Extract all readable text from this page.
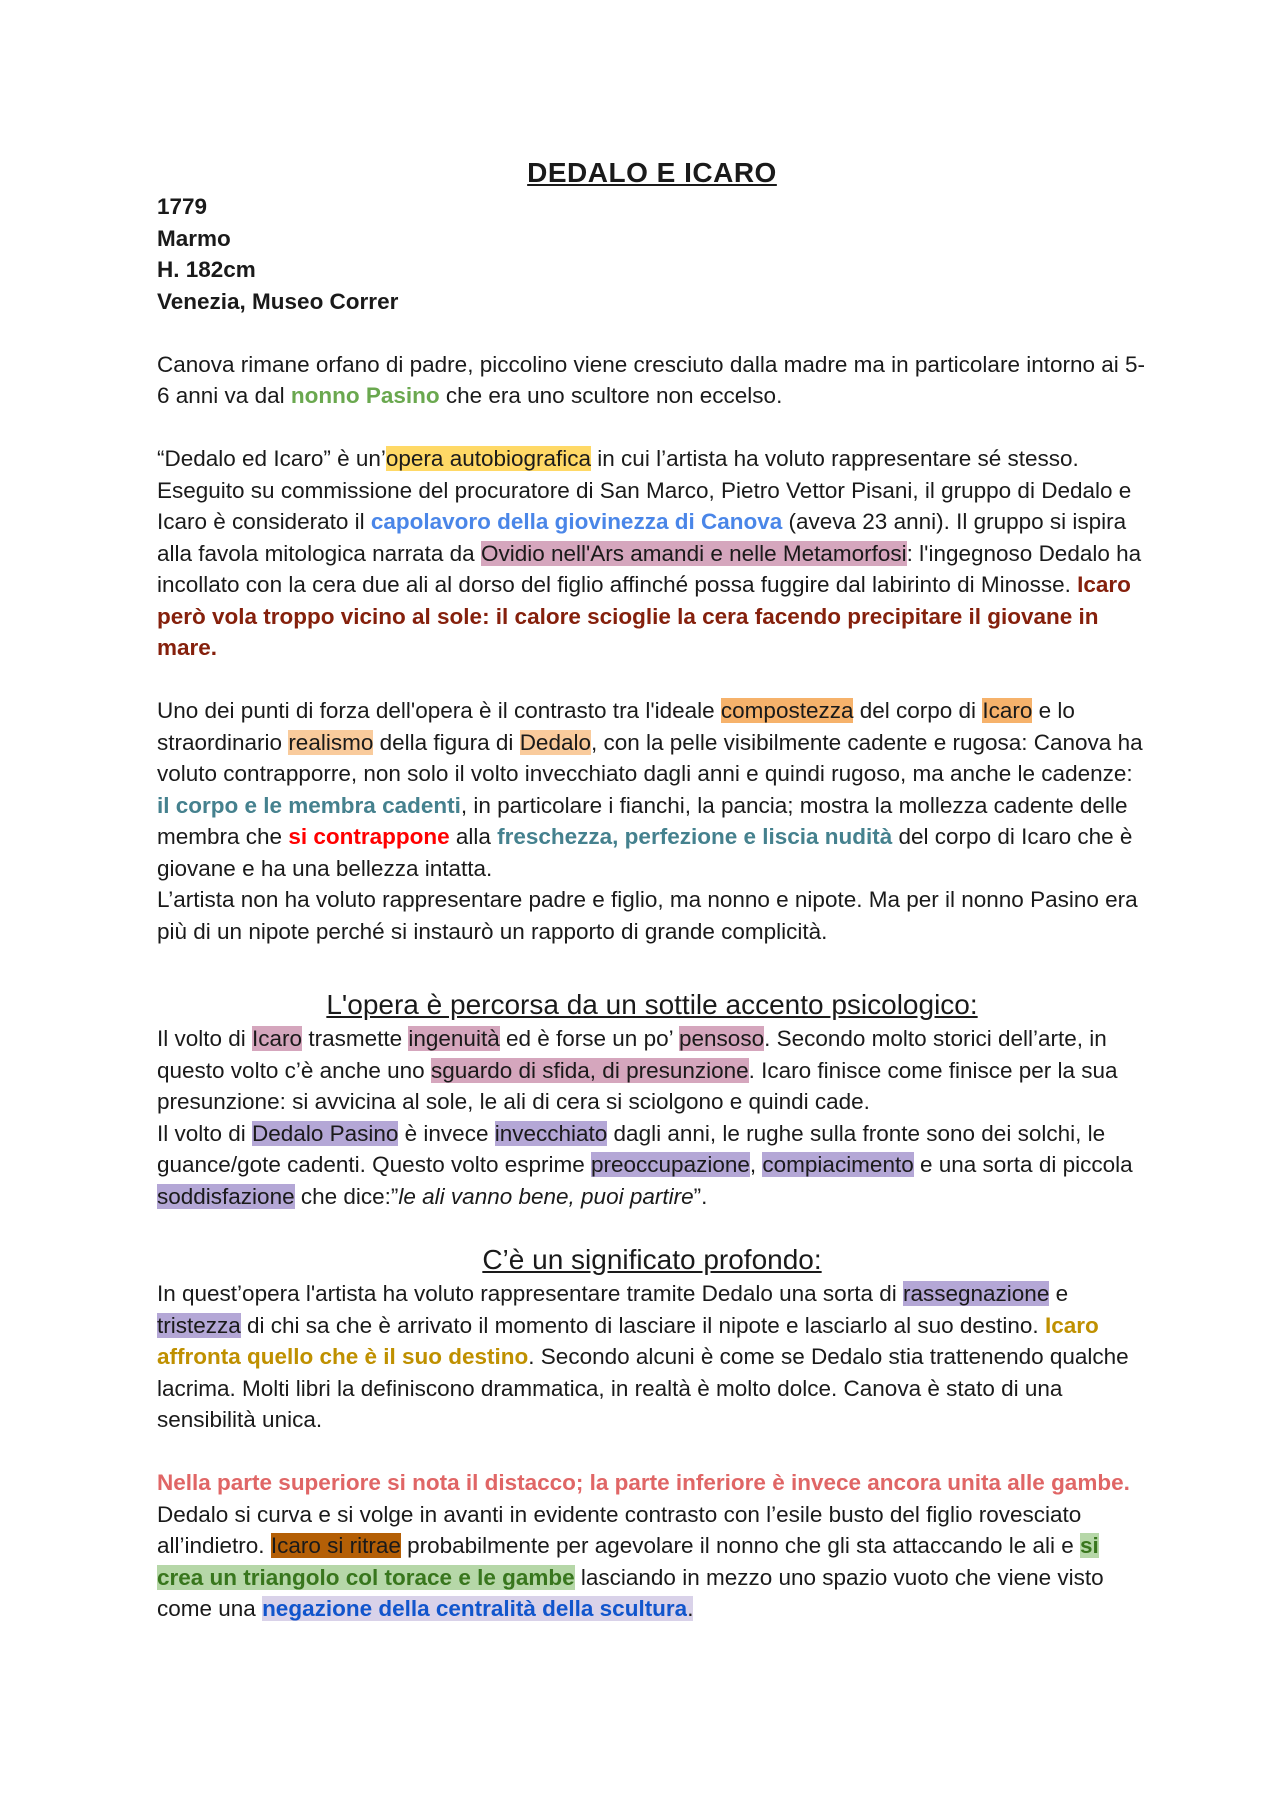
DEDALO E ICARO
1779
Marmo
H. 182cm
Venezia, Museo Correr

Canova rimane orfano di padre, piccolino viene cresciuto dalla madre ma in particolare intorno ai 5-6 anni va dal nonno Pasino che era uno scultore non eccelso.

“Dedalo ed Icaro” è un’opera autobiografica in cui l’artista ha voluto rappresentare sé stesso. Eseguito su commissione del procuratore di San Marco, Pietro Vettor Pisani, il gruppo di Dedalo e Icaro è considerato il capolavoro della giovinezza di Canova (aveva 23 anni). Il gruppo si ispira alla favola mitologica narrata da Ovidio nell'Ars amandi e nelle Metamorfosi: l'ingegnoso Dedalo ha incollato con la cera due ali al dorso del figlio affinché possa fuggire dal labirinto di Minosse. Icaro però vola troppo vicino al sole: il calore scioglie la cera facendo precipitare il giovane in mare.

Uno dei punti di forza dell'opera è il contrasto tra l'ideale compostezza del corpo di Icaro e lo straordinario realismo della figura di Dedalo, con la pelle visibilmente cadente e rugosa: Canova ha voluto contrapporre, non solo il volto invecchiato dagli anni e quindi rugoso, ma anche le cadenze: il corpo e le membra cadenti, in particolare i fianchi, la pancia; mostra la mollezza cadente delle membra che si contrappone alla freschezza, perfezione e liscia nudità del corpo di Icaro che è giovane e ha una bellezza intatta.

L’artista non ha voluto rappresentare padre e figlio, ma nonno e nipote. Ma per il nonno Pasino era più di un nipote perché si instaurò un rapporto di grande complicità.

L'opera è percorsa da un sottile accento psicologico:

Il volto di Icaro trasmette ingenuità ed è forse un po’ pensoso. Secondo molto storici dell’arte, in questo volto c’è anche uno sguardo di sfida, di presunzione. Icaro finisce come finisce per la sua presunzione: si avvicina al sole, le ali di cera si sciolgono e quindi cade.

Il volto di Dedalo Pasino è invece invecchiato dagli anni, le rughe sulla fronte sono dei solchi, le guance/gote cadenti. Questo volto esprime preoccupazione, compiacimento e una sorta di piccola soddisfazione che dice:”le ali vanno bene, puoi partire”.

C’è un significato profondo:

In quest’opera l'artista ha voluto rappresentare tramite Dedalo una sorta di rassegnazione e tristezza di chi sa che è arrivato il momento di lasciare il nipote e lasciarlo al suo destino. Icaro affronta quello che è il suo destino. Secondo alcuni è come se Dedalo stia trattenendo qualche lacrima. Molti libri la definiscono drammatica, in realtà è molto dolce. Canova è stato di una sensibilità unica.

Nella parte superiore si nota il distacco; la parte inferiore è invece ancora unita alle gambe.

Dedalo si curva e si volge in avanti in evidente contrasto con l’esile busto del figlio rovesciato all’indietro. Icaro si ritrae probabilmente per agevolare il nonno che gli sta attaccando le ali e si crea un triangolo col torace e le gambe lasciando in mezzo uno spazio vuoto che viene visto come una negazione della centralità della scultura.
